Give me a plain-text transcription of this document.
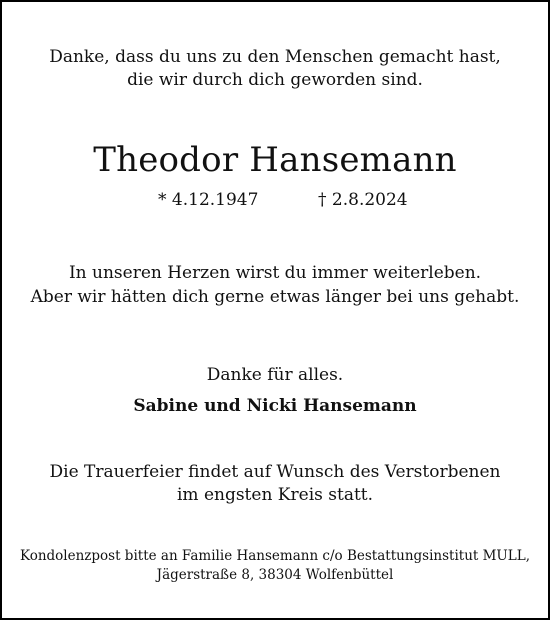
Danke, dass du uns zu den Menschen gemacht hast,
die wir durch dich geworden sind.
Theodor Hansemann
* 4.12.1947	† 2.8.2024
In unseren Herzen wirst du immer weiterleben.
Aber wir hätten dich gerne etwas länger bei uns gehabt.
Danke für alles.
Sabine und Nicki Hansemann
Die Trauerfeier findet auf Wunsch des Verstorbenen
im engsten Kreis statt.
Kondolenzpost bitte an Familie Hansemann c/o Bestattungsinstitut MULL,
Jägerstraße 8, 38304 Wolfenbüttel
